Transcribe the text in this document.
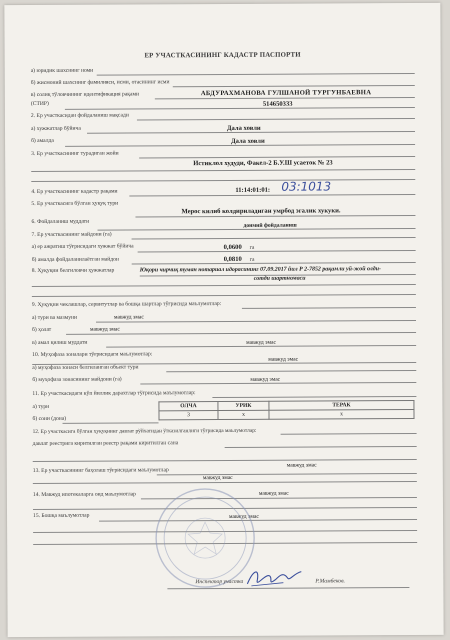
ЕР УЧАСТКАСИНИНГ КАДАСТР ПАСПОРТИ
а) юридик шахснинг номи
б) жисмоний шахснинг фамилияси, исми, отасининг исми
в) солиқ тўловчининг идентификация рақами	АБДУРАХМАНОВА ГУЛШАНОЙ ТУРГУНБАЕВНА
(СТИР)	514650333
2. Ер участкасидан фойдаланиш мақсади
а) хужжатлар бўйича	Дала ховли
б) амалда	Дала ховли
3. Ер участкасининг турадиган жойи
Истиклол худуди, Факел-2 Б.У.Ш усаеток № 23
4. Ер участкасининг кадастр рақами	11:14:01:01: 03:1013
5. Ер участкасига бўлган ҳуқуқ тури
Мерос килиб колдириладиган умрбод эгалик хукуки.
6. Фойдаланиш муддати
доимий фойдаланиш
7. Ер участкасининг майдони (га)
а) ер ажратиш тўғрисидаги хужжат бўйича	0,0600 га
б) амалда фойдаланилаётган майдон	0,0810 га
8. Ҳуқуқни белгиловчи ҳужжатлар	Юқори чирчиқ туман нотариал идорасининг 07.09.2017 йил Р 2-7852 рақамли уй-жой олди-
сотди шартномаси
9. Ҳуқуқни чеклашлар, сервитутлар ва бошқа шартлар тўғрисида маълумотлар:
а) тури ва мазмуни	мавжуд эмас
б) ҳолат	мавжуд эмас
в) амал қилиш муддати	мавжуд эмас
10. Муҳофаза зоналари тўғрисидаги маълумотлар:
мавжуд эмас
а) муҳофаза зонаси белгиланган объект тури
б) муҳофаза зонасининг майдони (га)	мавжуд эмас
11. Ер участкасидаги кўп йиллик дарахтлар тўғрисида маълумотлар:
а) тури
б) сони (дона)
ОЛЧА	УРИК	ТЕРАК
3	х	х
12. Ер участкасига бўлган ҳуқуқнинг давлат рўйхатидан ўтказилганлиги тўғрисида маълумотлар:
давлат реестрига киритилган реестр рақами киритилган сана
13. Ер участкасининг баҳолаш тўғрисидаги маълумотлар
мавжуд эмас
мавжуд эмас
14. Мавжуд ипотекаларга оид маълумотлар	мавжуд эмас
15. Бошқа маълумотлар	мавжуд эмас
Инспектор участка	Р.Мамбеков.
